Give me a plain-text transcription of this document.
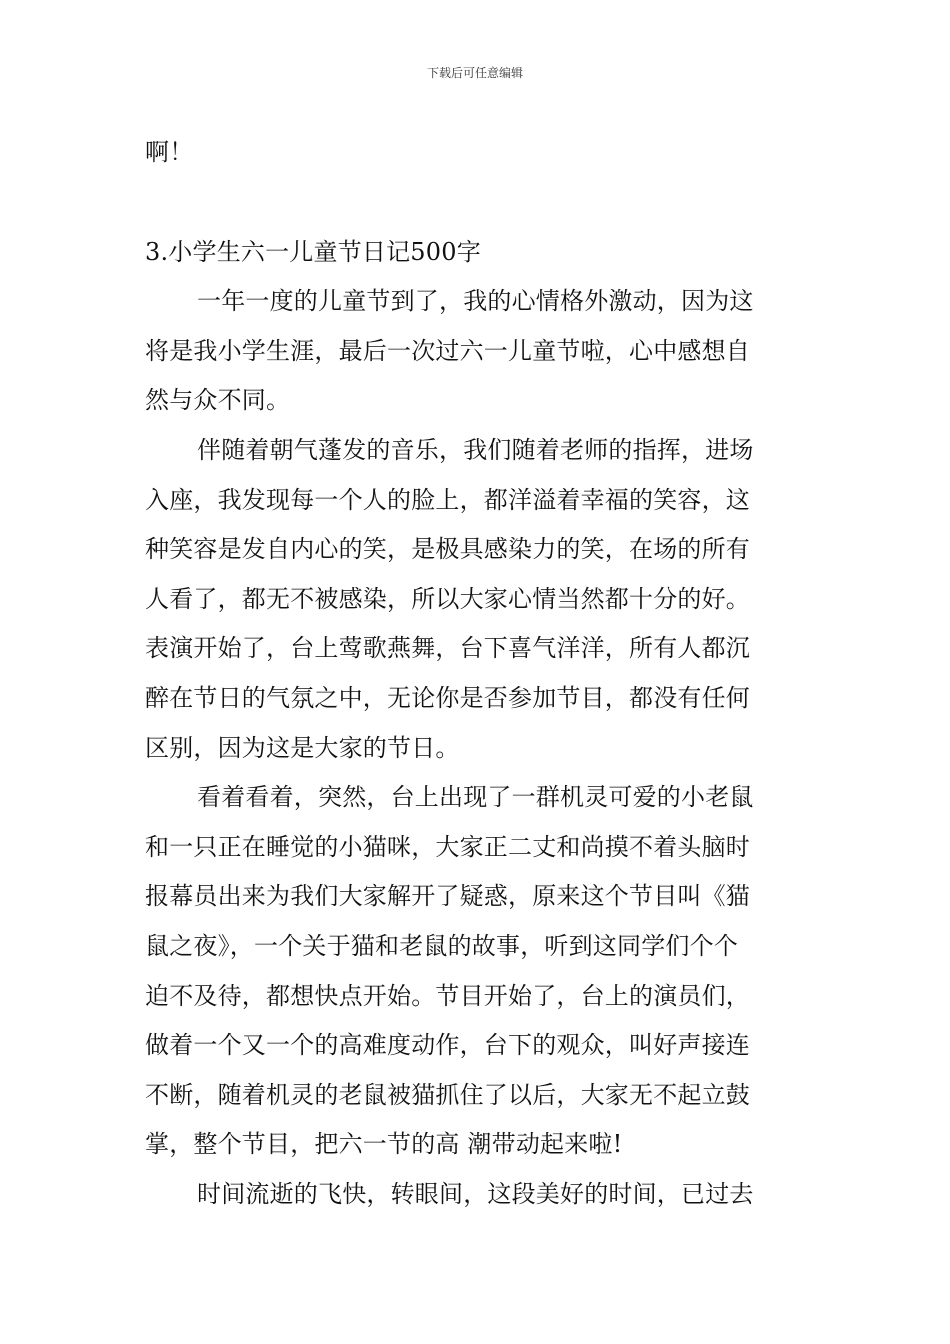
下载后可任意编辑
啊！
3.小学生六一儿童节日记500字
一年一度的儿童节到了，我的心情格外激动，因为这
将是我小学生涯，最后一次过六一儿童节啦，心中感想自
然与众不同。
伴随着朝气蓬发的音乐，我们随着老师的指挥，进场
入座，我发现每一个人的脸上，都洋溢着幸福的笑容，这
种笑容是发自内心的笑，是极具感染力的笑，在场的所有
人看了，都无不被感染，所以大家心情当然都十分的好。
表演开始了，台上莺歌燕舞，台下喜气洋洋，所有人都沉
醉在节日的气氛之中，无论你是否参加节目，都没有任何
区别，因为这是大家的节日。
看着看着，突然，台上出现了一群机灵可爱的小老鼠
和一只正在睡觉的小猫咪，大家正二丈和尚摸不着头脑时
报幕员出来为我们大家解开了疑惑，原来这个节目叫《猫
鼠之夜》，一个关于猫和老鼠的故事，听到这同学们个个
迫不及待，都想快点开始。节目开始了，台上的演员们，
做着一个又一个的高难度动作，台下的观众，叫好声接连
不断，随着机灵的老鼠被猫抓住了以后，大家无不起立鼓
掌，整个节目，把六一节的高 潮带动起来啦!
时间流逝的飞快，转眼间，这段美好的时间，已过去
